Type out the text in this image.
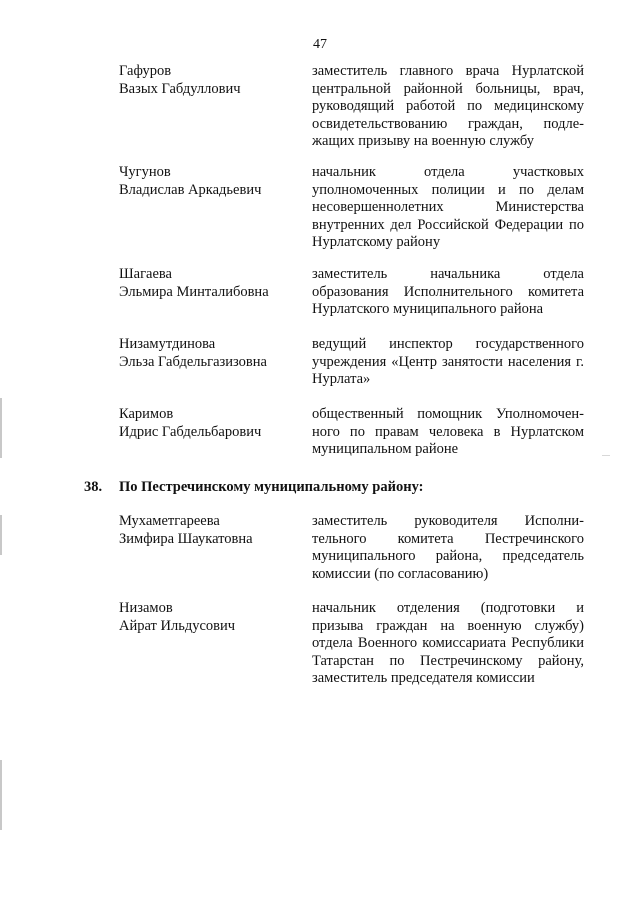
47
Гафуров
Вазых Габдуллович
заместитель главного врача Нурлатской центральной районной больницы, врач, руководящий работой по медицинскому освидетельствованию граждан, подлежащих призыву на военную службу
Чугунов
Владислав Аркадьевич
начальник отдела участковых уполномоченных полиции и по делам несовершеннолетних Министерства внутренних дел Российской Федерации по Нурлатскому району
Шагаева
Эльмира Минталибовна
заместитель начальника отдела образования Исполнительного комитета Нурлатского муниципального района
Низамутдинова
Эльза Габдельгазизовна
ведущий инспектор государственного учреждения «Центр занятости населения г. Нурлата»
Каримов
Идрис Габдельбарович
общественный помощник Уполномоченного по правам человека в Нурлатском муниципальном районе
38. По Пестречинскому муниципальному району:
Мухаметгареева
Зимфира Шаукатовна
заместитель руководителя Исполнительного комитета Пестречинского муниципального района, председатель комиссии (по согласованию)
Низамов
Айрат Ильдусович
начальник отделения (подготовки и призыва граждан на военную службу) отдела Военного комиссариата Республики Татарстан по Пестречинскому району, заместитель председателя комиссии
